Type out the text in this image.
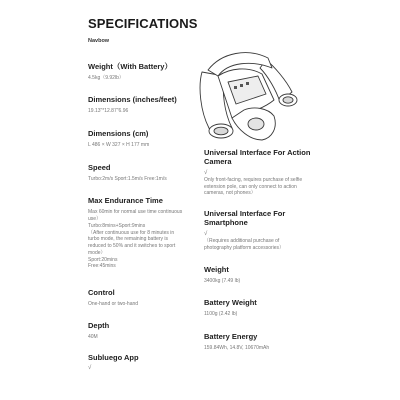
SPECIFICATIONS
Navbow
Weight（With Battery）
4.5kg（9.92lb）
Dimensions (inches/feet)
19.13"*12.87"6.96
Dimensions (cm)
L 486 × W 327 × H 177 mm
Speed
Turbo:2m/s Sport:1.5m/s Free:1m/s
Max Endurance Time
Max 60min for normal use time continuous use）
Turbo:8mins+Sport:9mins
（After continuous use for 8 minutes in turbo mode, the remaining battery is reduced to 50% and it switches to sport mode）
Sport:20mins
Free:45mins
Control
One-hand or two-hand
Depth
40M
Subluego App
√
Universal Interface For Action Camera
√
Only front-facing, requires purchase of selfie extension pole, can only connect to action cameras, not phones）
Universal Interface For Smartphone
√
（Requires additional purchase of photography platform accessories）
Weight
3400kg (7.49 lb)
Battery Weight
1100g (2.42 lb)
Battery Energy
159.84Wh, 14.8V, 10670mAh
